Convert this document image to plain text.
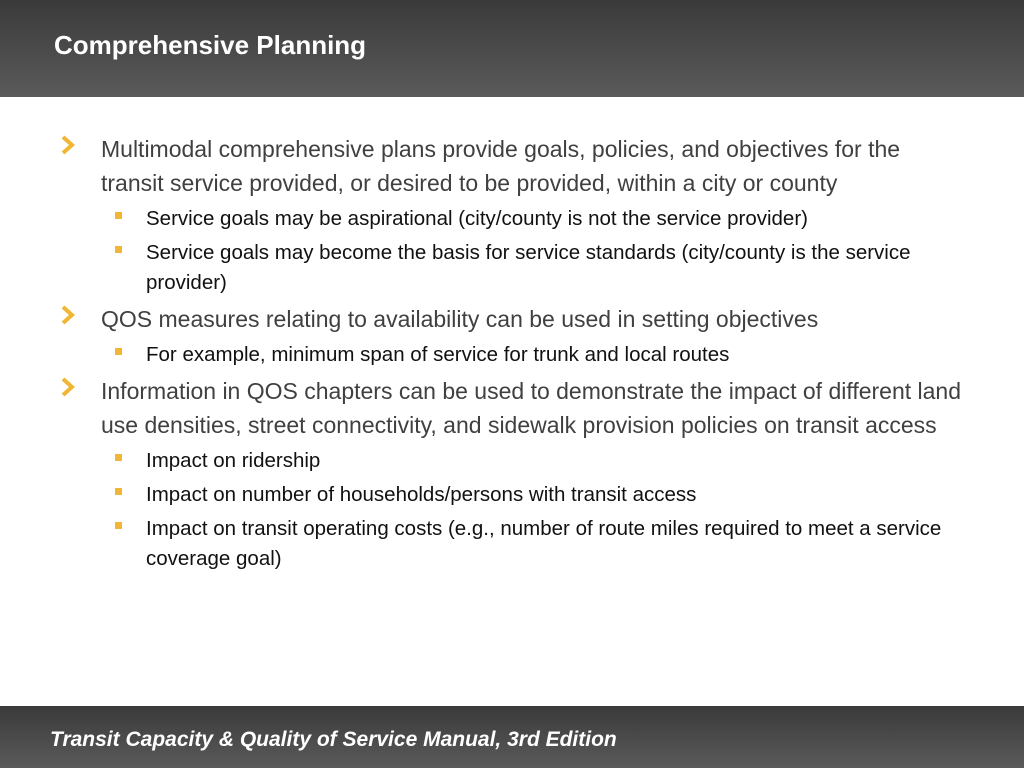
Comprehensive Planning
Multimodal comprehensive plans provide goals, policies, and objectives for the transit service provided, or desired to be provided, within a city or county
Service goals may be aspirational (city/county is not the service provider)
Service goals may become the basis for service standards (city/county is the service provider)
QOS measures relating to availability can be used in setting objectives
For example, minimum span of service for trunk and local routes
Information in QOS chapters can be used to demonstrate the impact of different land use densities, street connectivity, and sidewalk provision policies on transit access
Impact on ridership
Impact on number of households/persons with transit access
Impact on transit operating costs (e.g., number of route miles required to meet a service coverage goal)
Transit Capacity & Quality of Service Manual, 3rd Edition
